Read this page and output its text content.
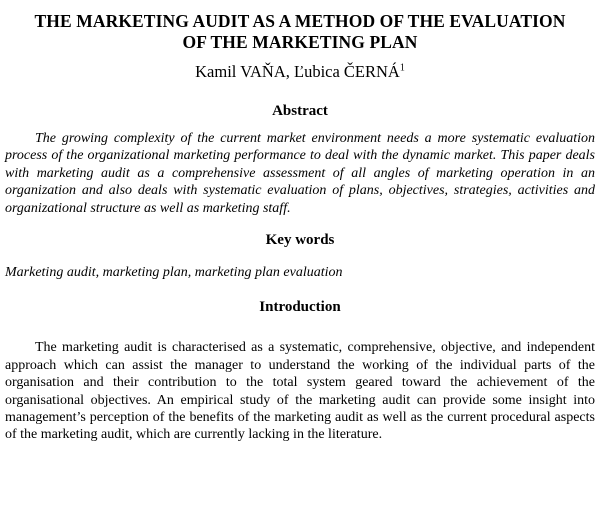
THE MARKETING AUDIT AS A METHOD OF THE EVALUATION
OF THE MARKETING PLAN
Kamil VAŇA, Ľubica ČERNÁ$^1$
Abstract

The growing complexity of the current market environment needs a more systematic evaluation process of the organizational marketing performance to deal with the dynamic market. This paper deals with marketing audit as a comprehensive assessment of all angles of marketing operation in an organization and also deals with systematic evaluation of plans, objectives, strategies, activities and organizational structure as well as marketing staff.

Key words

Marketing audit, marketing plan, marketing plan evaluation

Introduction

The marketing audit is characterised as a systematic, comprehensive, objective, and independent approach which can assist the manager to understand the working of the individual parts of the organisation and their contribution to the total system geared toward the achievement of the organisational objectives. An empirical study of the marketing audit can provide some insight into management’s perception of the benefits of the marketing audit as well as the current procedural aspects of the marketing audit, which are currently lacking in the literature.
